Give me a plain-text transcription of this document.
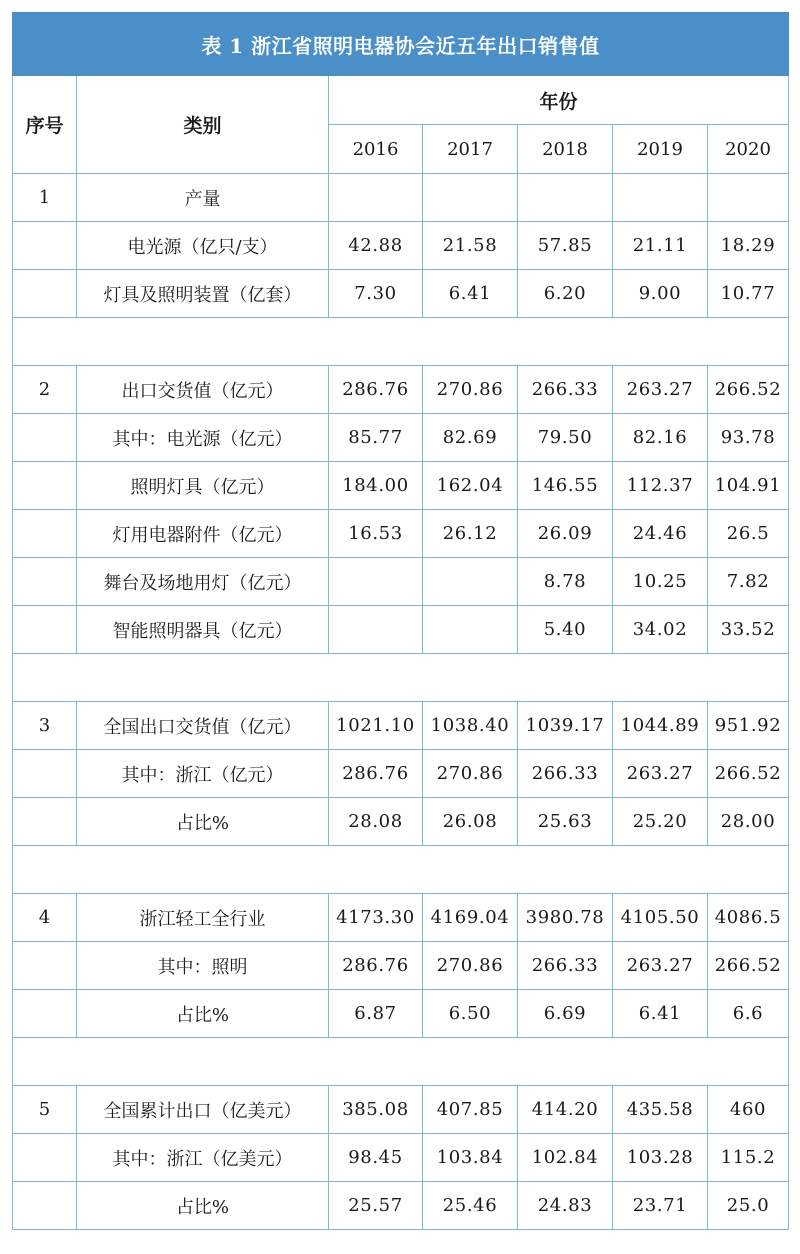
表 1 浙江省照明电器协会近五年出口销售值						
序号	类别	年份				
		2016	2017	2018	2019	2020
1	产量					
	电光源（亿只/支）	42.88	21.58	57.85	21.11	18.29
	灯具及照明装置（亿套）	7.30	6.41	6.20	9.00	10.77

2	出口交货值（亿元）	286.76	270.86	266.33	263.27	266.52
	其中：电光源（亿元）	85.77	82.69	79.50	82.16	93.78
	照明灯具（亿元）	184.00	162.04	146.55	112.37	104.91
	灯用电器附件（亿元）	16.53	26.12	26.09	24.46	26.5
	舞台及场地用灯（亿元）			8.78	10.25	7.82
	智能照明器具（亿元）			5.40	34.02	33.52

3	全国出口交货值（亿元）	1021.10	1038.40	1039.17	1044.89	951.92
	其中：浙江（亿元）	286.76	270.86	266.33	263.27	266.52
	占比%	28.08	26.08	25.63	25.20	28.00

4	浙江轻工全行业	4173.30	4169.04	3980.78	4105.50	4086.5
	其中：照明	286.76	270.86	266.33	263.27	266.52
	占比%	6.87	6.50	6.69	6.41	6.6

5	全国累计出口（亿美元）	385.08	407.85	414.20	435.58	460
	其中：浙江（亿美元）	98.45	103.84	102.84	103.28	115.2
	占比%	25.57	25.46	24.83	23.71	25.0
